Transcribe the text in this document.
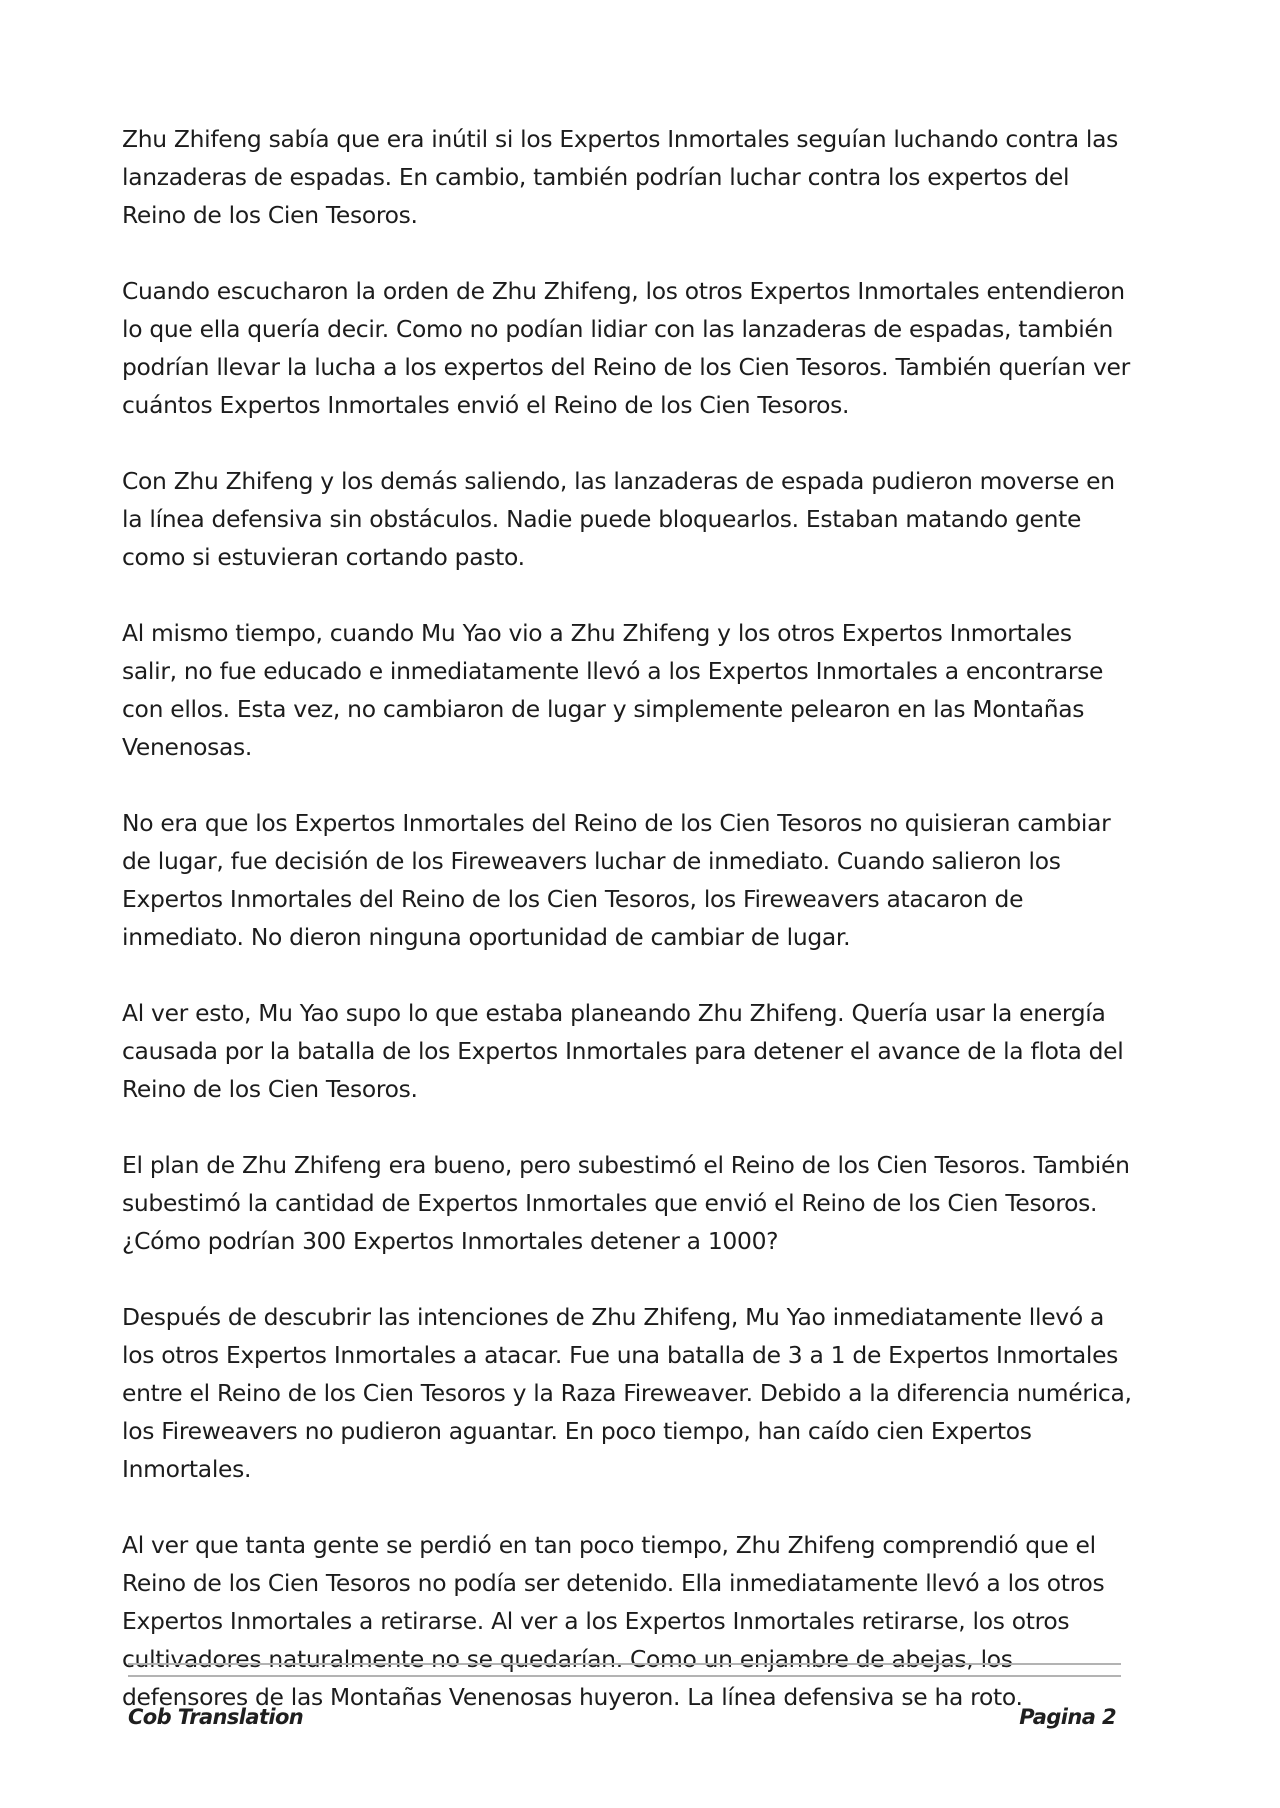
Zhu Zhifeng sabía que era inútil si los Expertos Inmortales seguían luchando contra las lanzaderas de espadas. En cambio, también podrían luchar contra los expertos del Reino de los Cien Tesoros.

Cuando escucharon la orden de Zhu Zhifeng, los otros Expertos Inmortales entendieron lo que ella quería decir. Como no podían lidiar con las lanzaderas de espadas, también podrían llevar la lucha a los expertos del Reino de los Cien Tesoros. También querían ver cuántos Expertos Inmortales envió el Reino de los Cien Tesoros.

Con Zhu Zhifeng y los demás saliendo, las lanzaderas de espada pudieron moverse en la línea defensiva sin obstáculos. Nadie puede bloquearlos. Estaban matando gente como si estuvieran cortando pasto.

Al mismo tiempo, cuando Mu Yao vio a Zhu Zhifeng y los otros Expertos Inmortales salir, no fue educado e inmediatamente llevó a los Expertos Inmortales a encontrarse con ellos. Esta vez, no cambiaron de lugar y simplemente pelearon en las Montañas Venenosas.

No era que los Expertos Inmortales del Reino de los Cien Tesoros no quisieran cambiar de lugar, fue decisión de los Fireweavers luchar de inmediato. Cuando salieron los Expertos Inmortales del Reino de los Cien Tesoros, los Fireweavers atacaron de inmediato. No dieron ninguna oportunidad de cambiar de lugar.

Al ver esto, Mu Yao supo lo que estaba planeando Zhu Zhifeng. Quería usar la energía causada por la batalla de los Expertos Inmortales para detener el avance de la flota del Reino de los Cien Tesoros.

El plan de Zhu Zhifeng era bueno, pero subestimó el Reino de los Cien Tesoros. También subestimó la cantidad de Expertos Inmortales que envió el Reino de los Cien Tesoros. ¿Cómo podrían 300 Expertos Inmortales detener a 1000?

Después de descubrir las intenciones de Zhu Zhifeng, Mu Yao inmediatamente llevó a los otros Expertos Inmortales a atacar. Fue una batalla de 3 a 1 de Expertos Inmortales entre el Reino de los Cien Tesoros y la Raza Fireweaver. Debido a la diferencia numérica, los Fireweavers no pudieron aguantar. En poco tiempo, han caído cien Expertos Inmortales.

Al ver que tanta gente se perdió en tan poco tiempo, Zhu Zhifeng comprendió que el Reino de los Cien Tesoros no podía ser detenido. Ella inmediatamente llevó a los otros Expertos Inmortales a retirarse. Al ver a los Expertos Inmortales retirarse, los otros cultivadores naturalmente no se quedarían. Como un enjambre de abejas, los defensores de las Montañas Venenosas huyeron. La línea defensiva se ha roto.

Cob Translation	Pagina 2
